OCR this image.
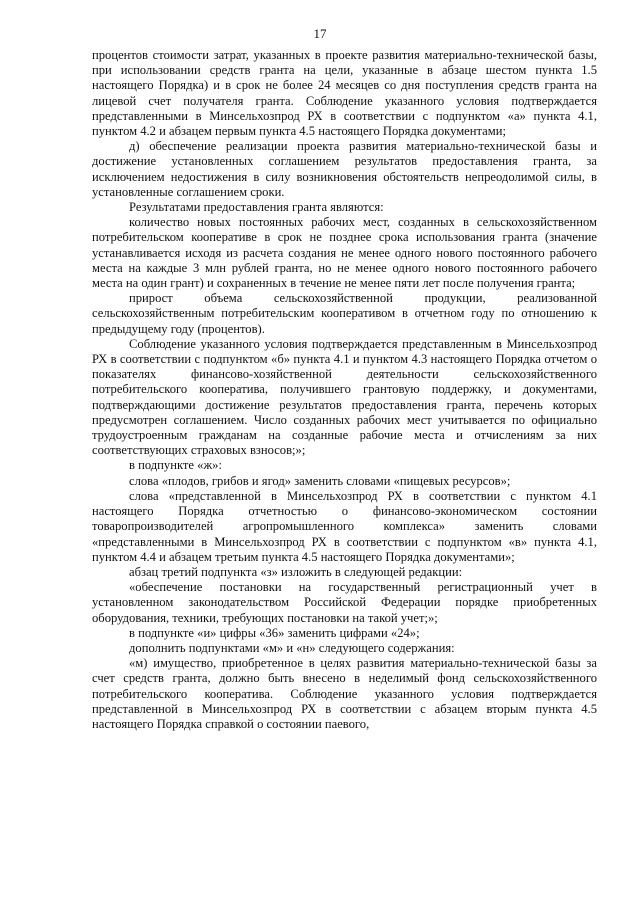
17

процентов стоимости затрат, указанных в проекте развития материально-технической базы, при использовании средств гранта на цели, указанные в абзаце шестом пункта 1.5 настоящего Порядка) и в срок не более 24 месяцев со дня поступления средств гранта на лицевой счет получателя гранта. Соблюдение указанного условия подтверждается представленными в Минсельхозпрод РХ в соответствии с подпунктом «а» пункта 4.1, пунктом 4.2 и абзацем первым пункта 4.5 настоящего Порядка документами;

д) обеспечение реализации проекта развития материально-технической базы и достижение установленных соглашением результатов предоставления гранта, за исключением недостижения в силу возникновения обстоятельств непреодолимой силы, в установленные соглашением сроки.

Результатами предоставления гранта являются:

количество новых постоянных рабочих мест, созданных в сельскохозяйственном потребительском кооперативе в срок не позднее срока использования гранта (значение устанавливается исходя из расчета создания не менее одного нового постоянного рабочего места на каждые 3 млн рублей гранта, но не менее одного нового постоянного рабочего места на один грант) и сохраненных в течение не менее пяти лет после получения гранта;

прирост объема сельскохозяйственной продукции, реализованной сельскохозяйственным потребительским кооперативом в отчетном году по отношению к предыдущему году (процентов).

Соблюдение указанного условия подтверждается представленным в Минсельхозпрод РХ в соответствии с подпунктом «б» пункта 4.1 и пунктом 4.3 настоящего Порядка отчетом о показателях финансово-хозяйственной деятельности сельскохозяйственного потребительского кооператива, получившего грантовую поддержку, и документами, подтверждающими достижение результатов предоставления гранта, перечень которых предусмотрен соглашением. Число созданных рабочих мест учитывается по официально трудоустроенным гражданам на созданные рабочие места и отчислениям за них соответствующих страховых взносов;»;

в подпункте «ж»:

слова «плодов, грибов и ягод» заменить словами «пищевых ресурсов»;

слова «представленной в Минсельхозпрод РХ в соответствии с пунктом 4.1 настоящего Порядка отчетностью о финансово-экономическом состоянии товаропроизводителей агропромышленного комплекса» заменить словами «представленными в Минсельхозпрод РХ в соответствии с подпунктом «в» пункта 4.1, пунктом 4.4 и абзацем третьим пункта 4.5 настоящего Порядка документами»;

абзац третий подпункта «з» изложить в следующей редакции:

«обеспечение постановки на государственный регистрационный учет в установленном законодательством Российской Федерации порядке приобретенных оборудования, техники, требующих постановки на такой учет;»;

в подпункте «и» цифры «36» заменить цифрами «24»;

дополнить подпунктами «м» и «н» следующего содержания:

«м) имущество, приобретенное в целях развития материально-технической базы за счет средств гранта, должно быть внесено в неделимый фонд сельскохозяйственного потребительского кооператива. Соблюдение указанного условия подтверждается представленной в Минсельхозпрод РХ в соответствии с абзацем вторым пункта 4.5 настоящего Порядка справкой о состоянии паевого,
